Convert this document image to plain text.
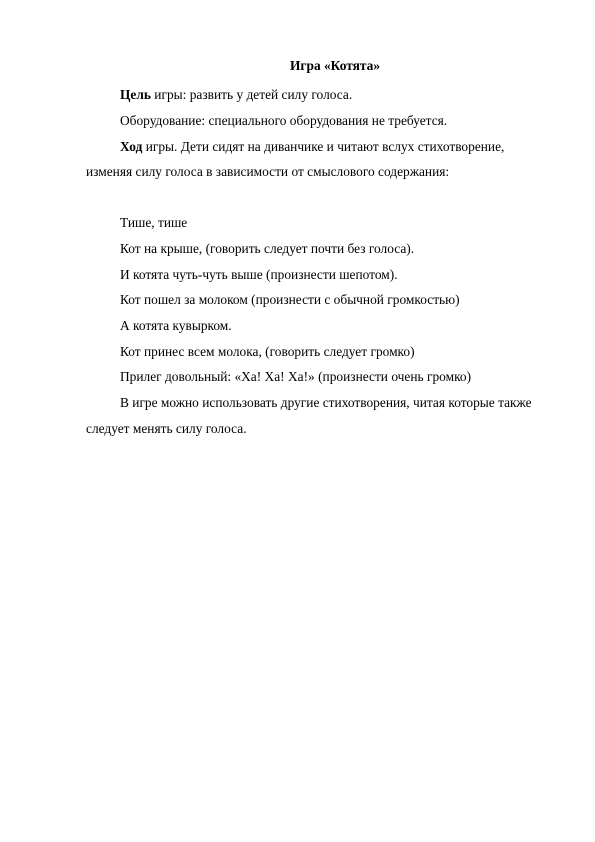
Игра «Котята»
Цель игры: развить у детей силу голоса.
Оборудование: специального оборудования не требуется.
Ход игры. Дети сидят на диванчике и читают вслух стихотворение,
изменяя силу голоса в зависимости от смыслового содержания:
Тише, тише
Кот на крыше, (говорить следует почти без голоса).
И котята чуть-чуть выше (произнести шепотом).
Кот пошел за молоком (произнести с обычной громкостью)
А котята кувырком.
Кот принес всем молока, (говорить следует громко)
Прилег довольный: «Ха! Ха! Ха!» (произнести очень громко)
В игре можно использовать другие стихотворения, читая которые также
следует менять силу голоса.
